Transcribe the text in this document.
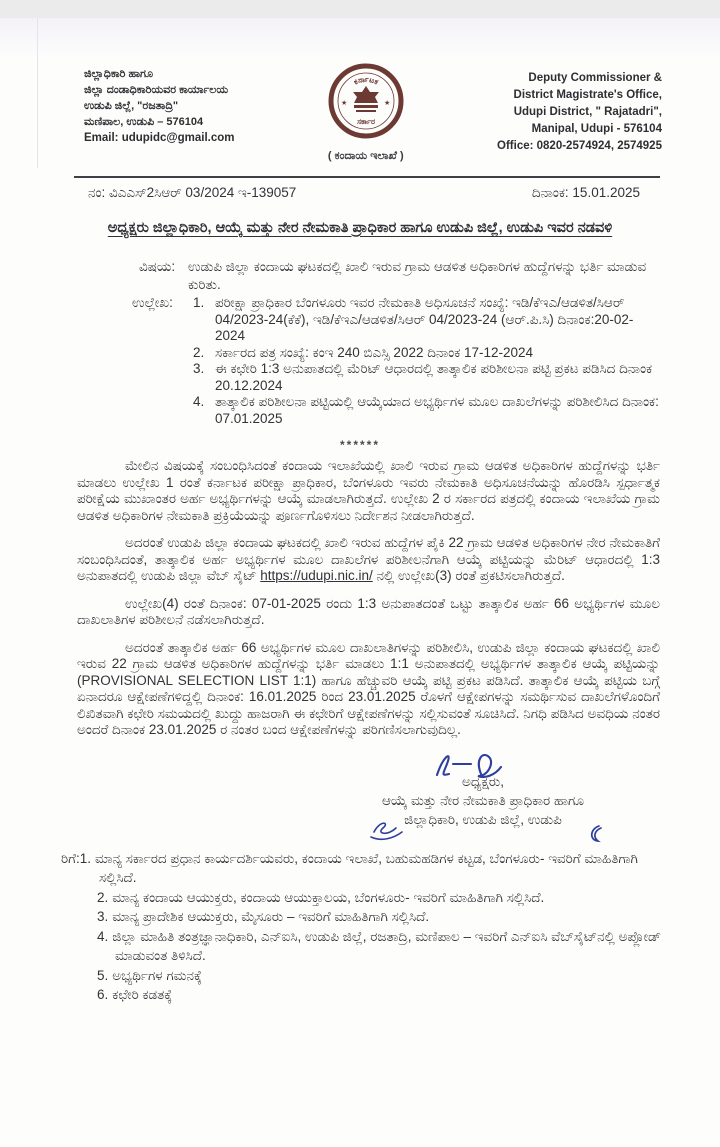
ಜಿಲ್ಲಾಧಿಕಾರಿ ಹಾಗೂ
ಜಿಲ್ಲಾ ದಂಡಾಧಿಕಾರಿಯವರ ಕಾರ್ಯಾಲಯ
ಉಡುಪಿ ಜಿಲ್ಲೆ, "ರಜತಾದ್ರಿ"
ಮಣಿಪಾಲ, ಉಡುಪಿ – 576104
Email: udupidc@gmail.com
ಕರ್ನಾಟಕ
★	★
ಸರ್ಕಾರ
( ಕಂದಾಯ ಇಲಾಖೆ )
Deputy Commissioner &
District Magistrate's Office,
Udupi District, " Rajatadri",
Manipal, Udupi - 576104
Office: 0820-2574924, 2574925
ನಂ: ವಿಎಎಸ್2ಸಿಆರ್ 03/2024 ಇ-139057	ದಿನಾಂಕ: 15.01.2025
ಅಧ್ಯಕ್ಷರು ಜಿಲ್ಲಾಧಿಕಾರಿ, ಆಯ್ಕೆ ಮತ್ತು ನೇರ ನೇಮಕಾತಿ ಪ್ರಾಧಿಕಾರ ಹಾಗೂ ಉಡುಪಿ ಜಿಲ್ಲೆ, ಉಡುಪಿ ಇವರ ನಡವಳಿ
ವಿಷಯ: ಉಡುಪಿ ಜಿಲ್ಲಾ ಕಂದಾಯ ಘಟಕದಲ್ಲಿ ಖಾಲಿ ಇರುವ ಗ್ರಾಮ ಆಡಳಿತ ಅಧಿಕಾರಿಗಳ ಹುದ್ದೆಗಳನ್ನು ಭರ್ತಿ ಮಾಡುವ ಕುರಿತು.
ಉಲ್ಲೇಖ:	1. ಪರೀಕ್ಷಾ ಪ್ರಾಧಿಕಾರ ಬೆಂಗಳೂರು ಇವರ ನೇಮಕಾತಿ ಅಧಿಸೂಚನೆ ಸಂಖ್ಯೆ: ಇಡಿ/ಕೆಇಎ/ಆಡಳಿತ/ಸಿಆರ್ 04/2023-24(ಕೆಕೆ), ಇಡಿ/ಕೆಇಎ/ಆಡಳಿತ/ಸಿಆರ್ 04/2023-24 (ಆರ್.ಪಿ.ಸಿ) ದಿನಾಂಕ:20-02-2024
2. ಸರ್ಕಾರದ ಪತ್ರ ಸಂಖ್ಯೆ: ಕಂಇ 240 ಬಿಎಸ್ಸಿ 2022 ದಿನಾಂಕ 17-12-2024
3. ಈ ಕಛೇರಿ 1:3 ಅನುಪಾತದಲ್ಲಿ ಮೆರಿಟ್ ಆಧಾರದಲ್ಲಿ ತಾತ್ಕಾಲಿಕ ಪರಿಶೀಲನಾ ಪಟ್ಟಿ ಪ್ರಕಟ ಪಡಿಸಿದ ದಿನಾಂಕ 20.12.2024
4. ತಾತ್ಕಾಲಿಕ ಪರಿಶೀಲನಾ ಪಟ್ಟಿಯಲ್ಲಿ ಆಯ್ಕೆಯಾದ ಅಭ್ಯರ್ಥಿಗಳ ಮೂಲ ದಾಖಲೆಗಳನ್ನು ಪರಿಶೀಲಿಸಿದ ದಿನಾಂಕ: 07.01.2025
******
ಮೇಲಿನ ವಿಷಯಕ್ಕೆ ಸಂಬಂಧಿಸಿದಂತೆ ಕಂದಾಯ ಇಲಾಖೆಯಲ್ಲಿ ಖಾಲಿ ಇರುವ ಗ್ರಾಮ ಆಡಳಿತ ಅಧಿಕಾರಿಗಳ ಹುದ್ದೆಗಳನ್ನು ಭರ್ತಿ ಮಾಡಲು ಉಲ್ಲೇಖ 1 ರಂತೆ ಕರ್ನಾಟಕ ಪರೀಕ್ಷಾ ಪ್ರಾಧಿಕಾರ, ಬೆಂಗಳೂರು ಇವರು ನೇಮಕಾತಿ ಅಧಿಸೂಚನೆಯನ್ನು ಹೊರಡಿಸಿ ಸ್ಪರ್ಧಾತ್ಮಕ ಪರೀಕ್ಷೆಯ ಮುಖಾಂತರ ಅರ್ಹ ಅಭ್ಯರ್ಥಿಗಳನ್ನು ಆಯ್ಕೆ ಮಾಡಲಾಗಿರುತ್ತದೆ. ಉಲ್ಲೇಖ 2 ರ ಸರ್ಕಾರದ ಪತ್ರದಲ್ಲಿ ಕಂದಾಯ ಇಲಾಖೆಯ ಗ್ರಾಮ ಆಡಳಿತ ಅಧಿಕಾರಿಗಳ ನೇಮಕಾತಿ ಪ್ರಕ್ರಿಯೆಯನ್ನು ಪೂರ್ಣಗೊಳಿಸಲು ನಿರ್ದೇಶನ ನೀಡಲಾಗಿರುತ್ತದೆ.
ಅದರಂತೆ ಉಡುಪಿ ಜಿಲ್ಲಾ ಕಂದಾಯ ಘಟಕದಲ್ಲಿ ಖಾಲಿ ಇರುವ ಹುದ್ದೆಗಳ ಪೈಕಿ 22 ಗ್ರಾಮ ಆಡಳಿತ ಅಧಿಕಾರಿಗಳ ನೇರ ನೇಮಕಾತಿಗೆ ಸಂಬಂಧಿಸಿದಂತೆ, ತಾತ್ಕಾಲಿಕ ಅರ್ಹ ಅಭ್ಯರ್ಥಿಗಳ ಮೂಲ ದಾಖಲೆಗಳ ಪರಿಶೀಲನೆಗಾಗಿ ಆಯ್ಕೆ ಪಟ್ಟಿಯನ್ನು ಮೆರಿಟ್ ಆಧಾರದಲ್ಲಿ 1:3 ಅನುಪಾತದಲ್ಲಿ ಉಡುಪಿ ಜಿಲ್ಲಾ ವೆಬ್ ಸೈಟ್ https://udupi.nic.in/ ನಲ್ಲಿ ಉಲ್ಲೇಖ(3) ರಂತೆ ಪ್ರಕಟಿಸಲಾಗಿರುತ್ತದೆ.
ಉಲ್ಲೇಖ(4) ರಂತೆ ದಿನಾಂಕ: 07-01-2025 ರಂದು 1:3 ಅನುಪಾತದಂತೆ ಒಟ್ಟು ತಾತ್ಕಾಲಿಕ ಅರ್ಹ 66 ಅಭ್ಯರ್ಥಿಗಳ ಮೂಲ ದಾಖಲಾತಿಗಳ ಪರಿಶೀಲನೆ ನಡೆಸಲಾಗಿರುತ್ತದೆ.
ಅದರಂತೆ ತಾತ್ಕಾಲಿಕ ಅರ್ಹ 66 ಅಭ್ಯರ್ಥಿಗಳ ಮೂಲ ದಾಖಲಾತಿಗಳನ್ನು ಪರಿಶೀಲಿಸಿ, ಉಡುಪಿ ಜಿಲ್ಲಾ ಕಂದಾಯ ಘಟಕದಲ್ಲಿ ಖಾಲಿ ಇರುವ 22 ಗ್ರಾಮ ಆಡಳಿತ ಅಧಿಕಾರಿಗಳ ಹುದ್ದೆಗಳನ್ನು ಭರ್ತಿ ಮಾಡಲು 1:1 ಅನುಪಾತದಲ್ಲಿ ಅಭ್ಯರ್ಥಿಗಳ ತಾತ್ಕಾಲಿಕ ಆಯ್ಕೆ ಪಟ್ಟಿಯನ್ನು (PROVISIONAL SELECTION LIST 1:1) ಹಾಗೂ ಹೆಚ್ಚುವರಿ ಆಯ್ಕೆ ಪಟ್ಟಿ ಪ್ರಕಟ ಪಡಿಸಿದೆ. ತಾತ್ಕಾಲಿಕ ಆಯ್ಕೆ ಪಟ್ಟಿಯ ಬಗ್ಗೆ ಏನಾದರೂ ಆಕ್ಷೇಪಣೆಗಳಿದ್ದಲ್ಲಿ ದಿನಾಂಕ: 16.01.2025 ರಿಂದ 23.01.2025 ರೊಳಗೆ ಆಕ್ಷೇಪಗಳನ್ನು ಸಮರ್ಥಿಸುವ ದಾಖಲೆಗಳೊಂದಿಗೆ ಲಿಖಿತವಾಗಿ ಕಛೇರಿ ಸಮಯದಲ್ಲಿ ಖುದ್ದು ಹಾಜರಾಗಿ ಈ ಕಛೇರಿಗೆ ಆಕ್ಷೇಪಣೆಗಳನ್ನು ಸಲ್ಲಿಸುವಂತೆ ಸೂಚಿಸಿದೆ. ನಿಗಧಿ ಪಡಿಸಿದ ಅವಧಿಯ ನಂತರ ಅಂದರೆ ದಿನಾಂಕ 23.01.2025 ರ ನಂತರ ಬಂದ ಆಕ್ಷೇಪಣೆಗಳನ್ನು ಪರಿಗಣಿಸಲಾಗುವುದಿಲ್ಲ.
ಅಧ್ಯಕ್ಷರು,
ಆಯ್ಕೆ ಮತ್ತು ನೇರ ನೇಮಕಾತಿ ಪ್ರಾಧಿಕಾರ ಹಾಗೂ
ಜಿಲ್ಲಾಧಿಕಾರಿ, ಉಡುಪಿ ಜಿಲ್ಲೆ, ಉಡುಪಿ
ರಿಗೆ:1. ಮಾನ್ಯ ಸರ್ಕಾರದ ಪ್ರಧಾನ ಕಾರ್ಯದರ್ಶಿಯವರು, ಕಂದಾಯ ಇಲಾಖೆ, ಬಹುಮಹಡಿಗಳ ಕಟ್ಟಡ, ಬೆಂಗಳೂರು- ಇವರಿಗೆ ಮಾಹಿತಿಗಾಗಿ ಸಲ್ಲಿಸಿದೆ.
2. ಮಾನ್ಯ ಕಂದಾಯ ಆಯುಕ್ತರು, ಕಂದಾಯ ಆಯುಕ್ತಾಲಯ, ಬೆಂಗಳೂರು- ಇವರಿಗೆ ಮಾಹಿತಿಗಾಗಿ ಸಲ್ಲಿಸಿದೆ.
3. ಮಾನ್ಯ ಪ್ರಾದೇಶಿಕ ಆಯುಕ್ತರು, ಮೈಸೂರು – ಇವರಿಗೆ ಮಾಹಿತಿಗಾಗಿ ಸಲ್ಲಿಸಿದೆ.
4. ಜಿಲ್ಲಾ ಮಾಹಿತಿ ತಂತ್ರಜ್ಞಾನಾಧಿಕಾರಿ, ಎನ್‌ಐಸಿ, ಉಡುಪಿ ಜಿಲ್ಲೆ, ರಜತಾದ್ರಿ, ಮಣಿಪಾಲ – ಇವರಿಗೆ ಎನ್‌ಐಸಿ ವೆಬ್‌ಸೈಟ್‌ನಲ್ಲಿ ಅಪ್ಲೋಡ್ ಮಾಡುವಂತ ತಿಳಿಸಿದೆ.
5. ಅಭ್ಯರ್ಥಿಗಳ ಗಮನಕ್ಕೆ
6. ಕಛೇರಿ ಕಡತಕ್ಕೆ
